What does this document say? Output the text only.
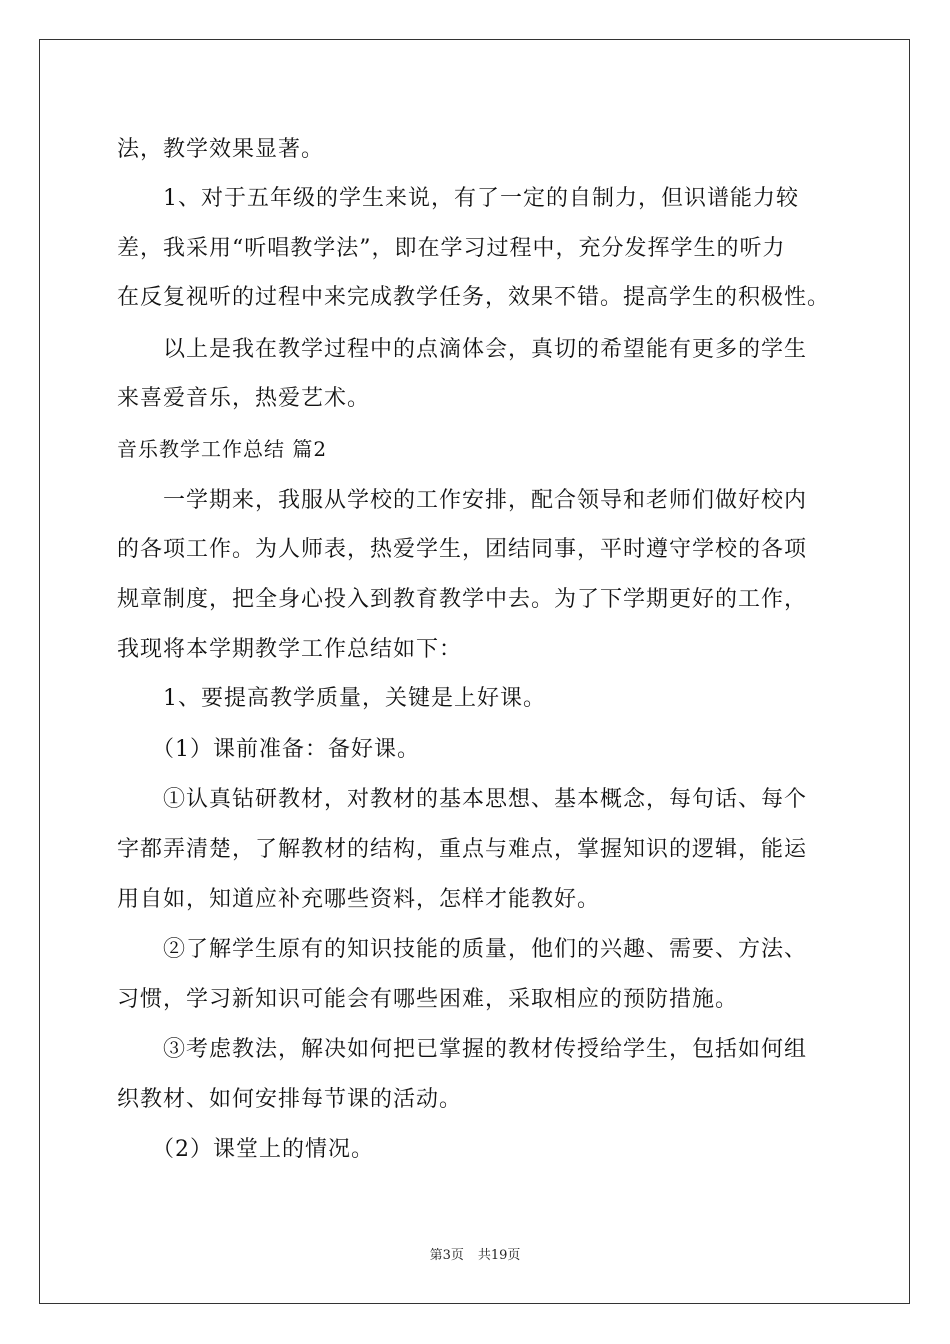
法，教学效果显著。

　　1、对于五年级的学生来说，有了一定的自制力，但识谱能力较

差，我采用“听唱教学法”，即在学习过程中，充分发挥学生的听力

在反复视听的过程中来完成教学任务，效果不错。提高学生的积极性。

　　以上是我在教学过程中的点滴体会，真切的希望能有更多的学生

来喜爱音乐，热爱艺术。

音乐教学工作总结 篇2

　　一学期来，我服从学校的工作安排，配合领导和老师们做好校内

的各项工作。为人师表，热爱学生，团结同事，平时遵守学校的各项

规章制度，把全身心投入到教育教学中去。为了下学期更好的工作，

我现将本学期教学工作总结如下：

　　1、要提高教学质量，关键是上好课。

　　（1）课前准备：备好课。

　　①认真钻研教材，对教材的基本思想、基本概念，每句话、每个

字都弄清楚，了解教材的结构，重点与难点，掌握知识的逻辑，能运

用自如，知道应补充哪些资料，怎样才能教好。

　　②了解学生原有的知识技能的质量，他们的兴趣、需要、方法、

习惯，学习新知识可能会有哪些困难，采取相应的预防措施。

　　③考虑教法，解决如何把已掌握的教材传授给学生，包括如何组

织教材、如何安排每节课的活动。

　　（2）课堂上的情况。

第3页 共19页
